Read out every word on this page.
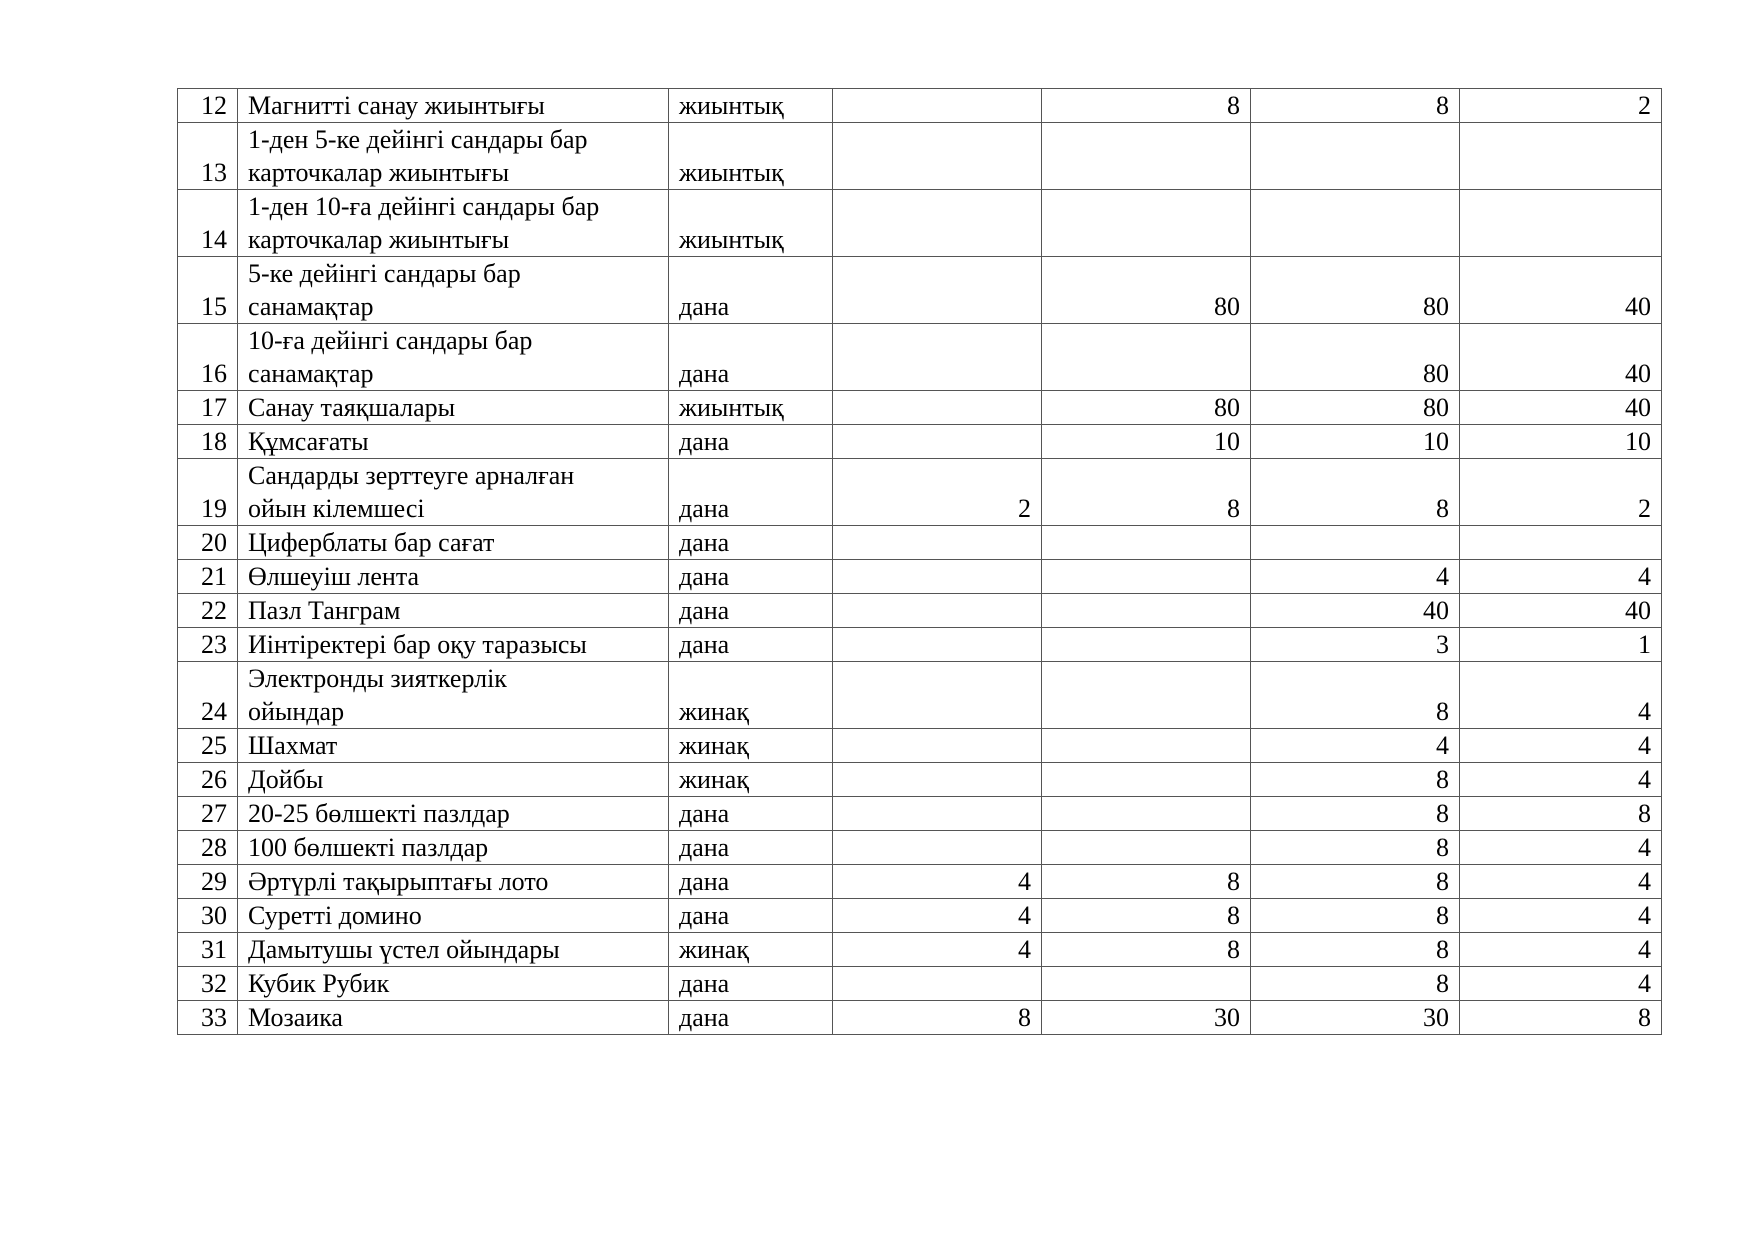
12	Магнитті санау жиынтығы	жиынтық		8	8	2
13	1-ден 5-ке дейінгі сандары бар
карточкалар жиынтығы	жиынтық				
14	1-ден 10-ға дейінгі сандары бар
карточкалар жиынтығы	жиынтық				
15	5-ке дейінгі сандары бар
санамақтар	дана		80	80	40
16	10-ға дейінгі сандары бар
санамақтар	дана			80	40
17	Санау таяқшалары	жиынтық		80	80	40
18	Құмсағаты	дана		10	10	10
19	Сандарды зерттеуге арналған
ойын кілемшесі	дана	2	8	8	2
20	Циферблаты бар сағат	дана				
21	Өлшеуіш лента	дана			4	4
22	Пазл Танграм	дана			40	40
23	Иінтіректері бар оқу таразысы	дана			3	1
24	Электронды зияткерлік
ойындар	жинақ			8	4
25	Шахмат	жинақ			4	4
26	Дойбы	жинақ			8	4
27	20-25 бөлшекті пазлдар	дана			8	8
28	100 бөлшекті пазлдар	дана			8	4
29	Әртүрлі тақырыптағы лото	дана	4	8	8	4
30	Суретті домино	дана	4	8	8	4
31	Дамытушы үстел ойындары	жинақ	4	8	8	4
32	Кубик Рубик	дана			8	4
33	Мозаика	дана	8	30	30	8
